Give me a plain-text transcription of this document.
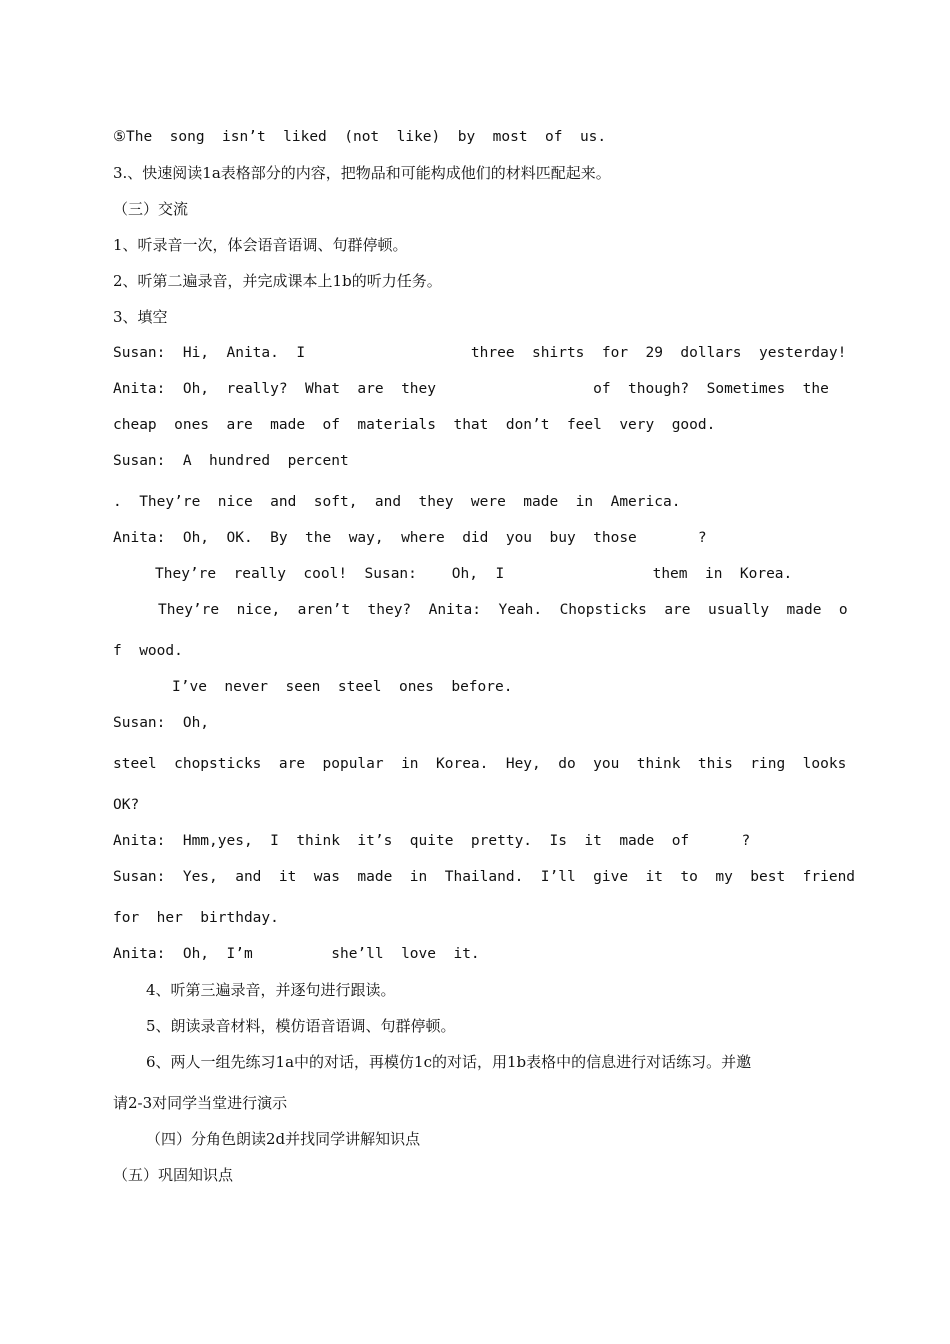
⑤The  song  isn’t  liked  (not  like)  by  most  of  us.
3.、快速阅读1a表格部分的内容，把物品和可能构成他们的材料匹配起来。
（三）交流
1、听录音一次，体会语音语调、句群停顿。
2、听第二遍录音，并完成课本上1b的听力任务。
3、填空
Susan:  Hi,  Anita.  I                   three  shirts  for  29  dollars  yesterday!
Anita:  Oh,  really?  What  are  they                  of  though?  Sometimes  the
cheap  ones  are  made  of  materials  that  don’t  feel  very  good.
Susan:  A  hundred  percent
.  They’re  nice  and  soft,  and  they  were  made  in  America.
Anita:  Oh,  OK.  By  the  way,  where  did  you  buy  those       ?
They’re  really  cool!  Susan:    Oh,  I                 them  in  Korea.
They’re  nice,  aren’t  they?  Anita:  Yeah.  Chopsticks  are  usually  made  o
f  wood.
I’ve  never  seen  steel  ones  before.
Susan:  Oh,
steel  chopsticks  are  popular  in  Korea.  Hey,  do  you  think  this  ring  looks
OK?
Anita:  Hmm,yes,  I  think  it’s  quite  pretty.  Is  it  made  of      ?
Susan:  Yes,  and  it  was  made  in  Thailand.  I’ll  give  it  to  my  best  friend
for  her  birthday.
Anita:  Oh,  I’m         she’ll  love  it.
4、听第三遍录音，并逐句进行跟读。
5、朗读录音材料，模仿语音语调、句群停顿。
6、两人一组先练习1a中的对话，再模仿1c的对话，用1b表格中的信息进行对话练习。并邀
请2-3对同学当堂进行演示
（四）分角色朗读2d并找同学讲解知识点
（五）巩固知识点
